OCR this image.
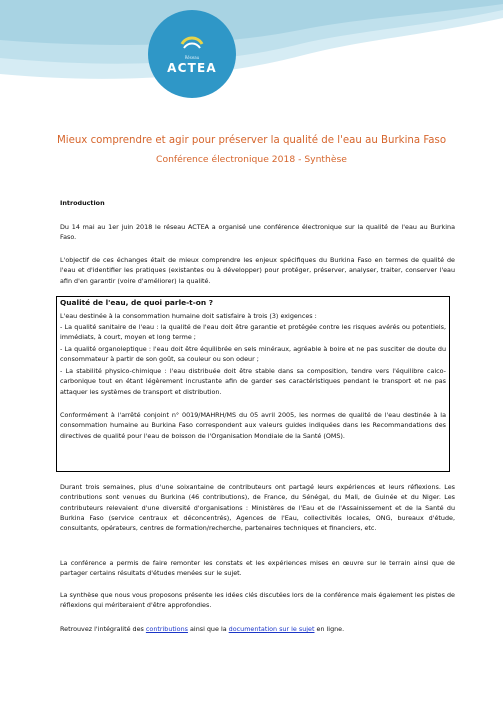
Réseau
ACTEA
Mieux comprendre et agir pour préserver la qualité de l'eau au Burkina Faso
Conférence électronique 2018 - Synthèse
Introduction
Du 14 mai au 1er juin 2018 le réseau ACTEA a organisé une conférence électronique sur la qualité de l'eau au Burkina Faso.
L'objectif de ces échanges était de mieux comprendre les enjeux spécifiques du Burkina Faso en termes de qualité de l'eau et d'identifier les pratiques (existantes ou à développer) pour protéger, préserver, analyser, traiter, conserver l'eau afin d'en garantir (voire d'améliorer) la qualité.
Qualité de l'eau, de quoi parle-t-on ?
L'eau destinée à la consommation humaine doit satisfaire à trois (3) exigences :
- La qualité sanitaire de l'eau : la qualité de l'eau doit être garantie et protégée contre les risques avérés ou potentiels, immédiats, à court, moyen et long terme ;
- La qualité organoleptique : l'eau doit être équilibrée en sels minéraux, agréable à boire et ne pas susciter de doute du consommateur à partir de son goût, sa couleur ou son odeur ;
- La stabilité physico-chimique : l'eau distribuée doit être stable dans sa composition, tendre vers l'équilibre calco-carbonique tout en étant légèrement incrustante afin de garder ses caractéristiques pendant le transport et ne pas attaquer les systèmes de transport et distribution.
Conformément à l'arrêté conjoint n° 0019/MAHRH/MS du 05 avril 2005, les normes de qualité de l'eau destinée à la consommation humaine au Burkina Faso correspondent aux valeurs guides indiquées dans les Recommandations des directives de qualité pour l'eau de boisson de l'Organisation Mondiale de la Santé (OMS).
Durant trois semaines, plus d'une soixantaine de contributeurs ont partagé leurs expériences et leurs réflexions. Les contributions sont venues du Burkina (46 contributions), de France, du Sénégal, du Mali, de Guinée et du Niger. Les contributeurs relevaient d'une diversité d'organisations : Ministères de l'Eau et de l'Assainissement et de la Santé du Burkina Faso (service centraux et déconcentrés), Agences de l'Eau, collectivités locales, ONG, bureaux d'étude, consultants, opérateurs, centres de formation/recherche, partenaires techniques et financiers, etc.
La conférence a permis de faire remonter les constats et les expériences mises en œuvre sur le terrain ainsi que de partager certains résultats d'études menées sur le sujet.
La synthèse que nous vous proposons présente les idées clés discutées lors de la conférence mais également les pistes de réflexions qui mériteraient d'être approfondies.
Retrouvez l'intégralité des contributions ainsi que la documentation sur le sujet en ligne.
